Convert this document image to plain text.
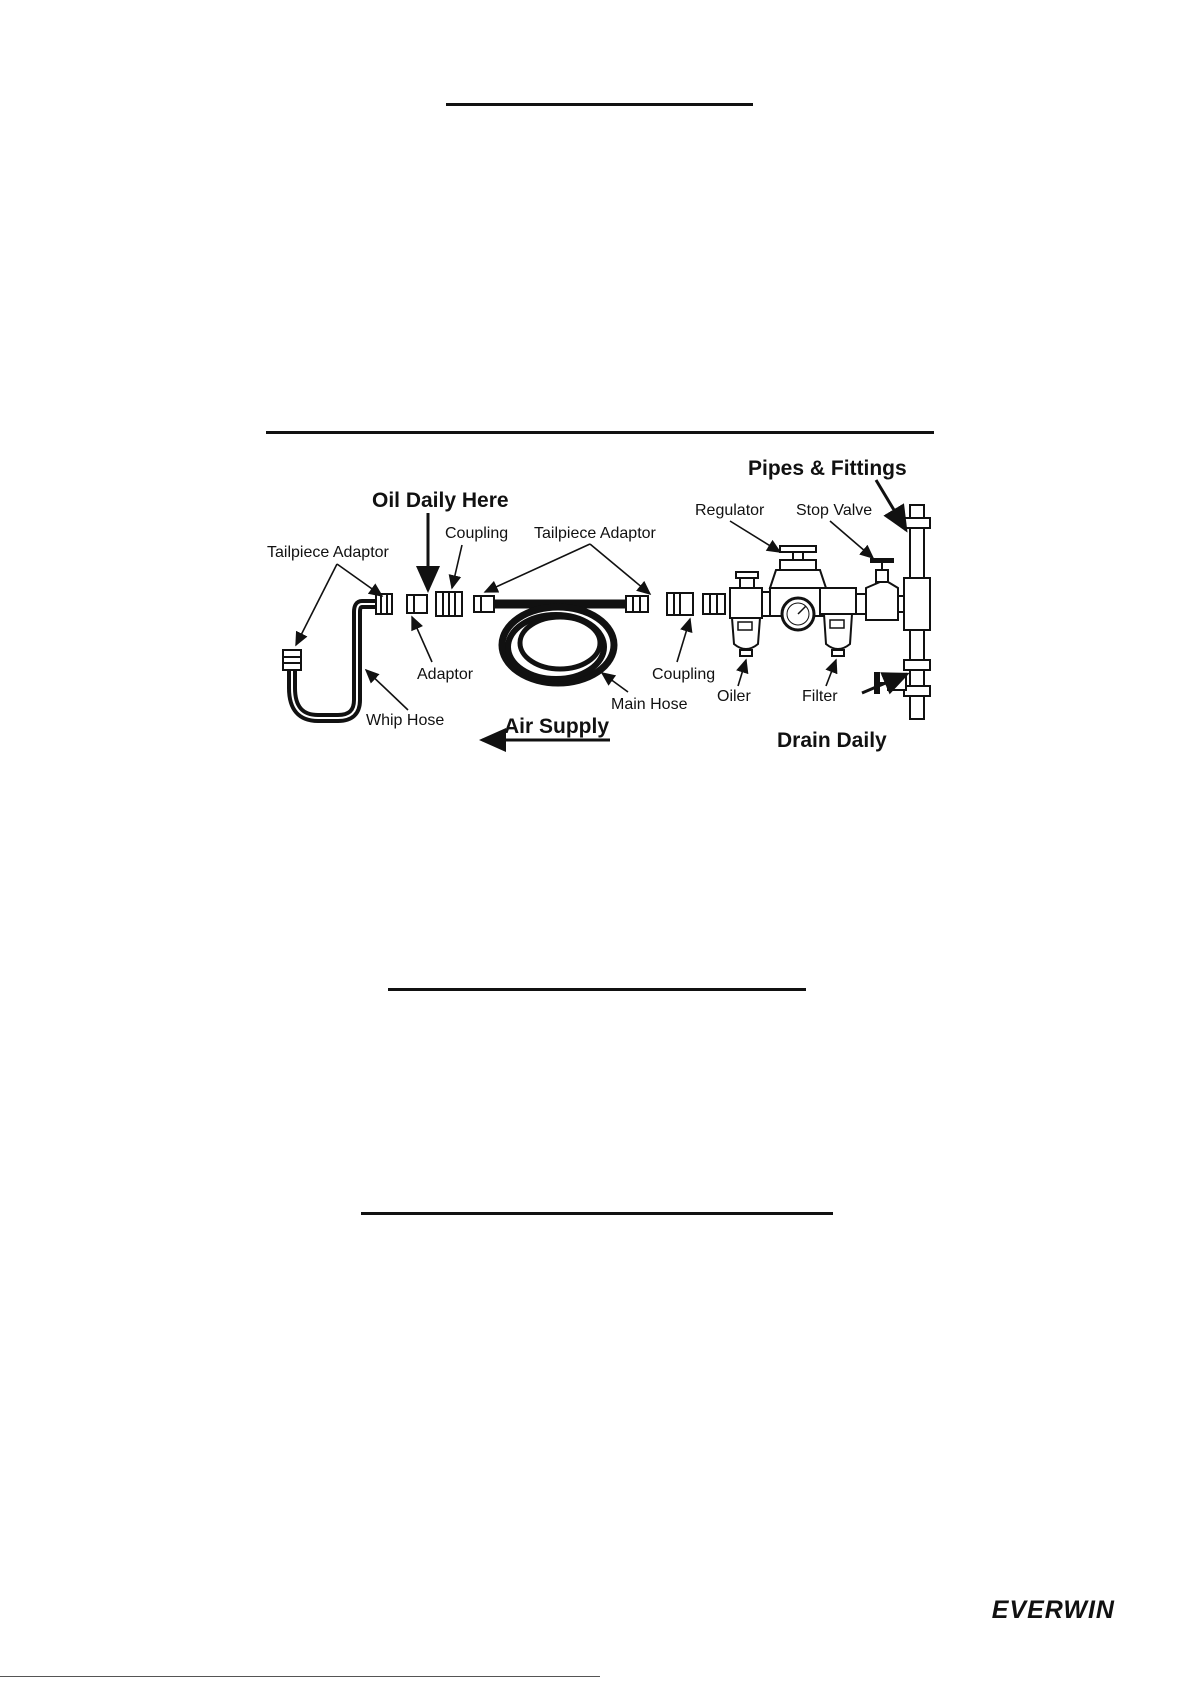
Pipes & Fittings
Oil Daily Here	Regulator Stop Valve
Coupling Tailpiece Adaptor
Tailpiece Adaptor
Adaptor	Coupling
Oiler	Filter
Whip Hose
Main Hose
Air Supply
Drain Daily
EVERWIN
